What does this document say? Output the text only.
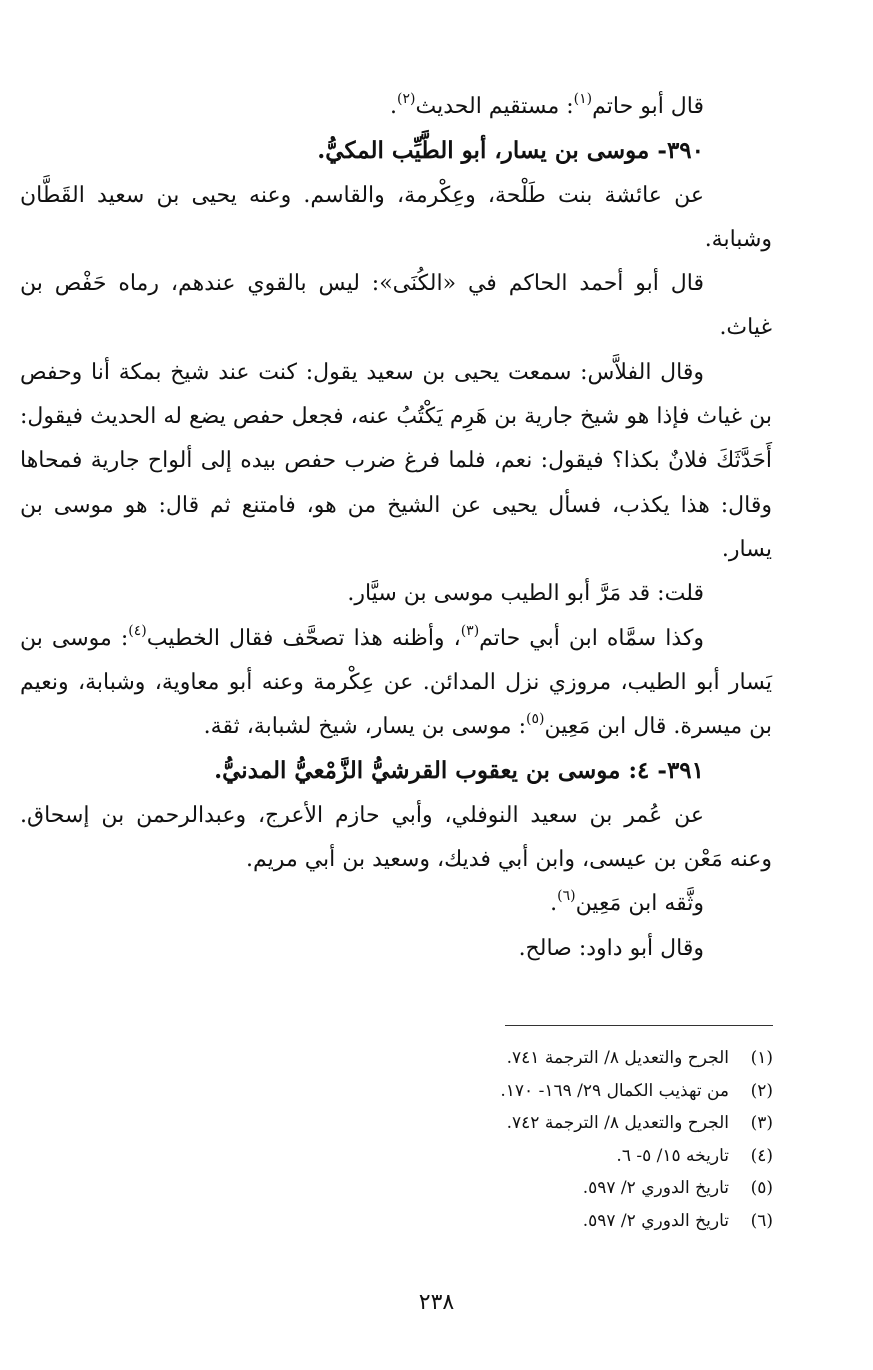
قال أبو حاتم$^{(١)}$: مستقيم الحديث$^{(٢)}$.

٣٩٠- موسى بن يسار، أبو الطَّيِّب المكيُّ.

عن عائشة بنت طَلْحة، وعِكْرمة، والقاسم. وعنه يحيى بن سعيد القَطَّان وشبابة.

قال أبو أحمد الحاكم في «الكُنَى»: ليس بالقوي عندهم، رماه حَفْص بن غياث.

وقال الفلاَّس: سمعت يحيى بن سعيد يقول: كنت عند شيخ بمكة أنا وحفص بن غياث فإذا هو شيخ جارية بن هَرِم يَكْتُبُ عنه، فجعل حفص يضع له الحديث فيقول: أَحَدَّثَكَ فلانٌ بكذا؟ فيقول: نعم، فلما فرغ ضرب حفص بيده إلى ألواح جارية فمحاها وقال: هذا يكذب، فسأل يحيى عن الشيخ من هو، فامتنع ثم قال: هو موسى بن يسار.

قلت: قد مَرَّ أبو الطيب موسى بن سيَّار.

وكذا سمَّاه ابن أبي حاتم$^{(٣)}$، وأظنه هذا تصحَّف فقال الخطيب$^{(٤)}$: موسى بن يَسار أبو الطيب، مروزي نزل المدائن. عن عِكْرمة وعنه أبو معاوية، وشبابة، ونعيم بن ميسرة. قال ابن مَعِين$^{(٥)}$: موسى بن يسار، شيخ لشبابة، ثقة.

٣٩١- ٤: موسى بن يعقوب القرشيُّ الزَّمْعيُّ المدنيُّ.

عن عُمر بن سعيد النوفلي، وأبي حازم الأعرج، وعبدالرحمن بن إسحاق. وعنه مَعْن بن عيسى، وابن أبي فديك، وسعيد بن أبي مريم.

وثَّقه ابن مَعِين$^{(٦)}$.

وقال أبو داود: صالح.

(١)الجرح والتعديل ٨/ الترجمة ٧٤١.

(٢)من تهذيب الكمال ٢٩/ ١٦٩- ١٧٠.

(٣)الجرح والتعديل ٨/ الترجمة ٧٤٢.

(٤)تاريخه ١٥/ ٥- ٦.

(٥)تاريخ الدوري ٢/ ٥٩٧.

(٦)تاريخ الدوري ٢/ ٥٩٧.

٢٣٨
